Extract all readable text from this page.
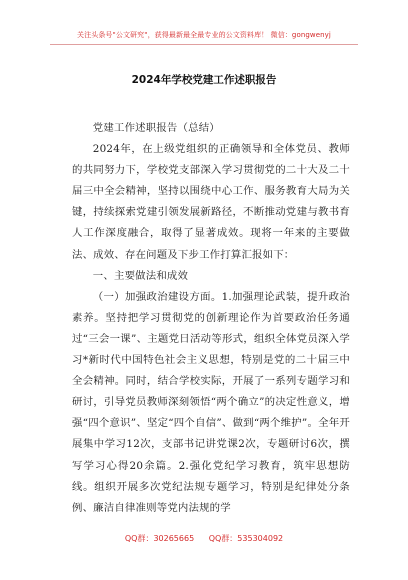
关注头条号"公文研究"，获得最新最全最专业的公文资料库！ 微信：gongwenyj
2024年学校党建工作述职报告

党建工作述职报告（总结）

2024年，在上级党组织的正确领导和全体党员、教师的共同努力下，学校党支部深入学习贯彻党的二十大及二十届三中全会精神，坚持以围绕中心工作、服务教育大局为关键，持续探索党建引领发展新路径，不断推动党建与教书育人工作深度融合，取得了显著成效。现将一年来的主要做法、成效、存在问题及下步工作打算汇报如下：

一、主要做法和成效

（一）加强政治建设方面。1.加强理论武装，提升政治素养。坚持把学习贯彻党的创新理论作为首要政治任务通过“三会一课”、主题党日活动等形式，组织全体党员深入学习*新时代中国特色社会主义思想，特别是党的二十届三中全会精神。同时，结合学校实际，开展了一系列专题学习和研讨，引导党员教师深刻领悟“两个确立”的决定性意义，增强“四个意识”、坚定“四个自信”、做到“两个维护”。全年开展集中学习12次，支部书记讲党课2次，专题研讨6次，撰写学习心得20余篇。2.强化党纪学习教育，筑牢思想防线。组织开展多次党纪法规专题学习，特别是纪律处分条例、廉洁自律准则等党内法规的学

QQ群：30265665 QQ群：535304092
